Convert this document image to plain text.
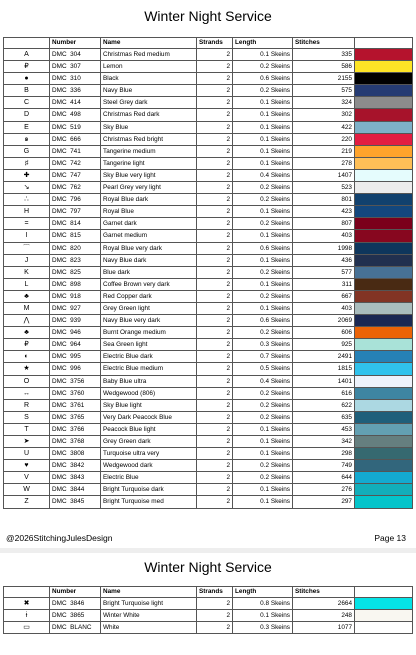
Winter Night Service
	Number	Name	Strands	Length	Stitches	
A	DMC 304	Christmas Red medium	2	0.1 Skeins	335	

₽	DMC 307	Lemon	2	0.2 Skeins	586	

●	DMC 310	Black	2	0.6 Skeins	2155	

B	DMC 336	Navy Blue	2	0.2 Skeins	575	

C	DMC 414	Steel Grey dark	2	0.1 Skeins	324	

D	DMC 498	Christmas Red dark	2	0.1 Skeins	302	

E	DMC 519	Sky Blue	2	0.1 Skeins	422	

๑	DMC 666	Christmas Red bright	2	0.1 Skeins	220	

G	DMC 741	Tangerine medium	2	0.1 Skeins	219	

♯	DMC 742	Tangerine light	2	0.1 Skeins	278	

✚	DMC 747	Sky Blue very light	2	0.4 Skeins	1407	

↘	DMC 762	Pearl Grey very light	2	0.2 Skeins	523	

∴	DMC 796	Royal Blue dark	2	0.2 Skeins	801	

H	DMC 797	Royal Blue	2	0.1 Skeins	423	

=	DMC 814	Garnet dark	2	0.2 Skeins	807	

I	DMC 815	Garnet medium	2	0.1 Skeins	403	

⌒	DMC 820	Royal Blue very dark	2	0.6 Skeins	1998	

J	DMC 823	Navy Blue dark	2	0.1 Skeins	436	

K	DMC 825	Blue dark	2	0.2 Skeins	577	

L	DMC 898	Coffee Brown very dark	2	0.1 Skeins	311	

♣	DMC 918	Red Copper dark	2	0.2 Skeins	667	

M	DMC 927	Grey Green light	2	0.1 Skeins	403	

⋀	DMC 939	Navy Blue very dark	2	0.6 Skeins	2069	

♣	DMC 946	Burnt Orange medium	2	0.2 Skeins	606	

₽	DMC 964	Sea Green light	2	0.3 Skeins	925	

◐	DMC 995	Electric Blue dark	2	0.7 Skeins	2491	

★	DMC 996	Electric Blue medium	2	0.5 Skeins	1815	

O	DMC 3756	Baby Blue ultra	2	0.4 Skeins	1401	

↔	DMC 3760	Wedgewood (806)	2	0.2 Skeins	616	

R	DMC 3761	Sky Blue light	2	0.2 Skeins	622	

S	DMC 3765	Very Dark Peacock Blue	2	0.2 Skeins	635	

T	DMC 3766	Peacock Blue light	2	0.1 Skeins	453	

➤	DMC 3768	Grey Green dark	2	0.1 Skeins	342	

U	DMC 3808	Turquoise ultra very	2	0.1 Skeins	298	

♥	DMC 3842	Wedgewood dark	2	0.2 Skeins	749	

V	DMC 3843	Electric Blue	2	0.2 Skeins	644	

W	DMC 3844	Bright Turquoise dark	2	0.1 Skeins	276	

Z	DMC 3845	Bright Turquoise med	2	0.1 Skeins	297	
@2026StitchingJulesDesign	Page 13
Winter Night Service
	Number	Name	Strands	Length	Stitches	
✖	DMC 3846	Bright Turquoise light	2	0.8 Skeins	2664	

ɨ	DMC 3865	Winter White	2	0.1 Skeins	248	

▭	DMC BLANC	White	2	0.3 Skeins	1077	
